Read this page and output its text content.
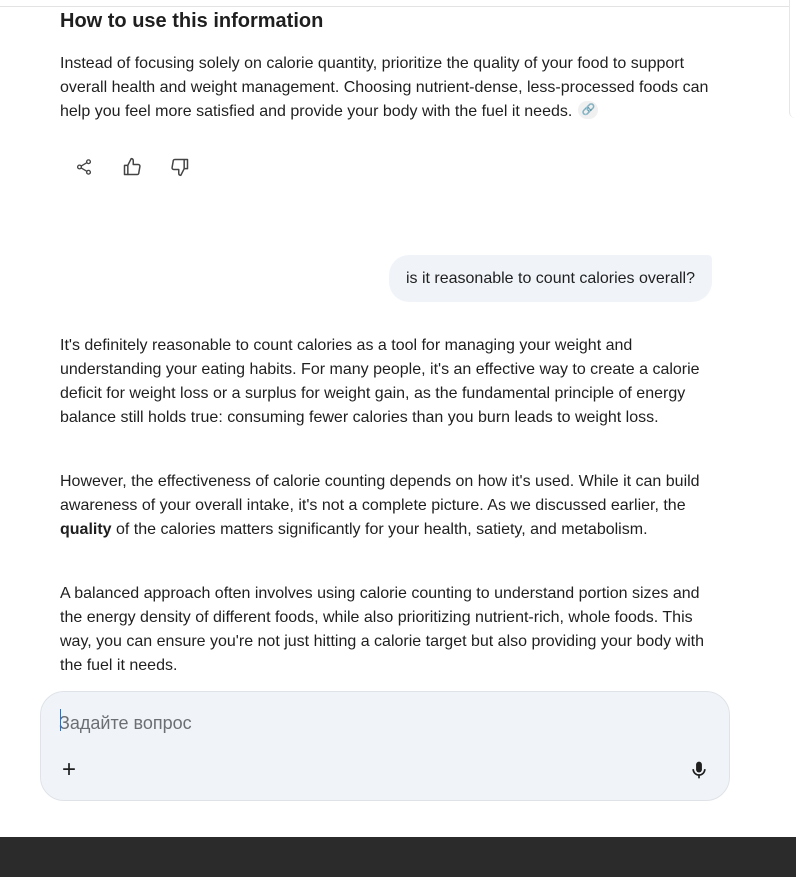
How to use this information

Instead of focusing solely on calorie quantity, prioritize the quality of your food to support overall health and weight management. Choosing nutrient-dense, less-processed foods can help you feel more satisfied and provide your body with the fuel it needs. 🔗

is it reasonable to count calories overall?

It's definitely reasonable to count calories as a tool for managing your weight and understanding your eating habits. For many people, it's an effective way to create a calorie deficit for weight loss or a surplus for weight gain, as the fundamental principle of energy balance still holds true: consuming fewer calories than you burn leads to weight loss.

However, the effectiveness of calorie counting depends on how it's used. While it can build awareness of your overall intake, it's not a complete picture. As we discussed earlier, the quality of the calories matters significantly for your health, satiety, and metabolism.

A balanced approach often involves using calorie counting to understand portion sizes and the energy density of different foods, while also prioritizing nutrient-rich, whole foods. This way, you can ensure you're not just hitting a calorie target but also providing your body with the fuel it needs.

Задайте вопрос
+
